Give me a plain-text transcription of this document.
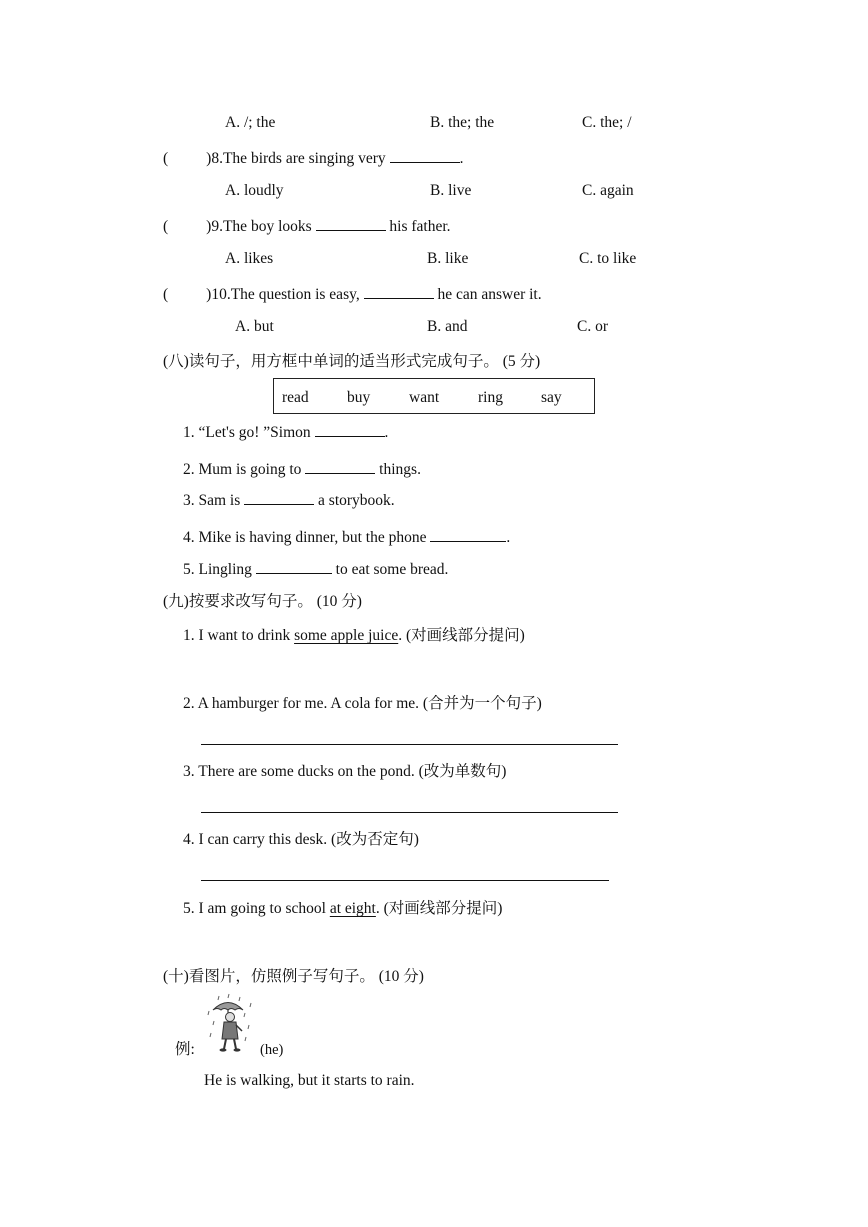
A. /; the	B. the; the	C. the; /
( )8.The birds are singing very	.
A. loudly	B. live	C. again
( )9.The boy looks	his father.
A. likes	B. like	C. to like
( )10.The question is easy,	he can answer it.
A. but	B. and	C. or
(八)读句子，用方框中单词的适当形式完成句子。 (5 分)
read buy	want	ring say
1. “Let's go! ”Simon	.
2. Mum is going to	things.
3. Sam is	a storybook.
4. Mike is having dinner, but the phone	.
5. Lingling	to eat some bread.
(九)按要求改写句子。 (10 分)
1. I want to drink some apple juice. (对画线部分提问)
2. A hamburger for me. A cola for me. (合并为一个句子)
3. There are some ducks on the pond. (改为单数句)
4. I can carry this desk. (改为否定句)
5. I am going to school at eight. (对画线部分提问)
(十)看图片，仿照例子写句子。 (10 分)
例:	(he)
He is walking, but it starts to rain.
